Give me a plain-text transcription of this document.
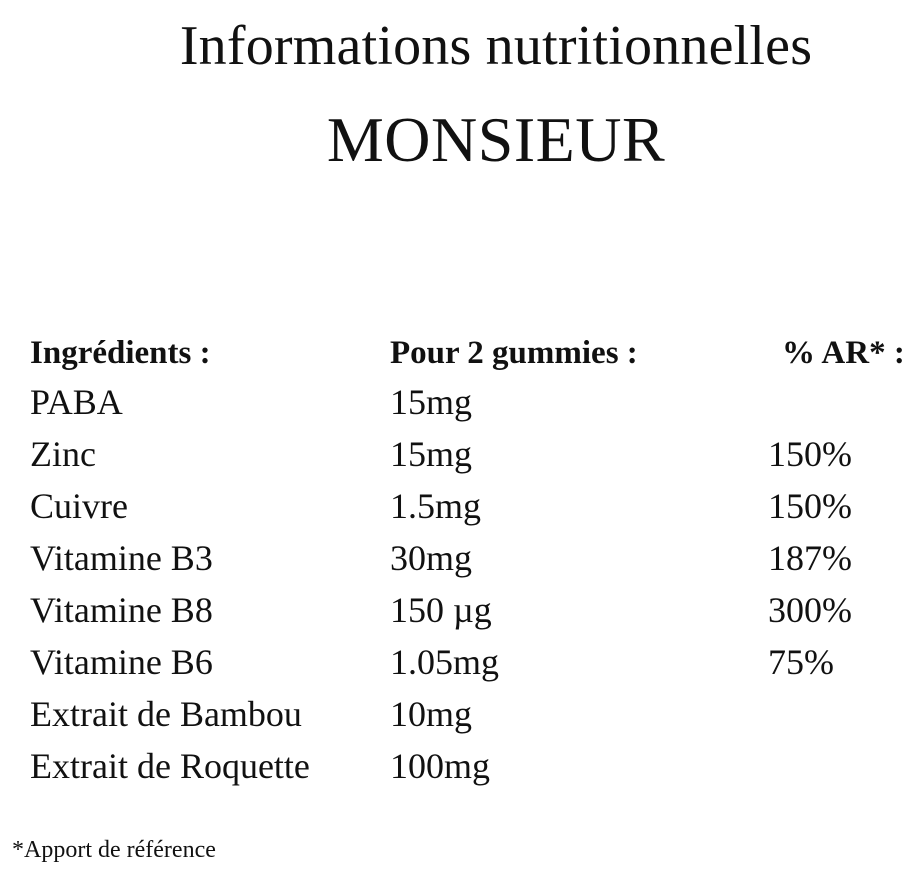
Informations nutritionnelles
MONSIEUR
Ingrédients :	Pour 2 gummies :	% AR* :
PABA	15mg
Zinc	15mg	150%
Cuivre	1.5mg	150%
Vitamine B3	30mg	187%
Vitamine B8	150 µg	300%
Vitamine B6	1.05mg	75%
Extrait de Bambou 10mg
Extrait de Roquette 100mg
*Apport de référence
